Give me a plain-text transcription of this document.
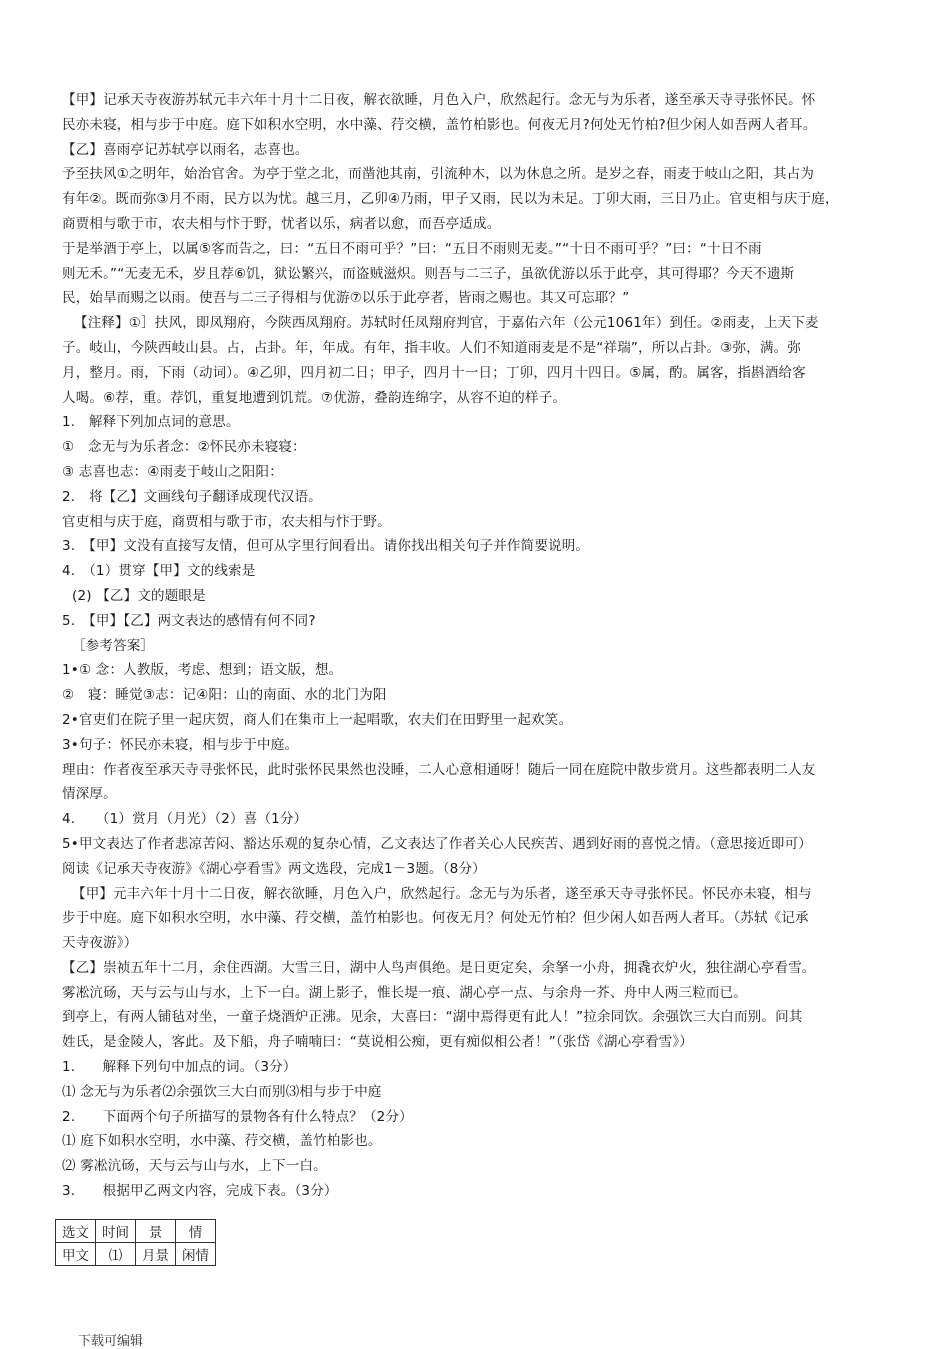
【甲】记承天寺夜游苏轼元丰六年十月十二日夜，解衣欲睡，月色入户，欣然起行。念无与为乐者，遂至承天寺寻张怀民。怀

民亦未寝，相与步于中庭。庭下如积水空明，水中藻、荇交横，盖竹柏影也。何夜无月?何处无竹柏?但少闲人如吾两人者耳。

【乙】喜雨亭记苏轼亭以雨名，志喜也。

予至扶风①之明年，始治官舍。为亭于堂之北，而凿池其南，引流种木，以为休息之所。是岁之春，雨麦于岐山之阳，其占为

有年②。既而弥③月不雨，民方以为忧。越三月，乙卯④乃雨，甲子又雨，民以为未足。丁卯大雨，三日乃止。官吏相与庆于庭，

商贾相与歌于市，农夫相与忭于野，忧者以乐，病者以愈，而吾亭适成。

于是举酒于亭上，以属⑤客而告之，曰：“五日不雨可乎？”曰：“五日不雨则无麦。”“十日不雨可乎？”曰：“十日不雨

则无禾。”“无麦无禾，岁且荐⑥饥，狱讼繁兴，而盗贼滋炽。则吾与二三子，虽欲优游以乐于此亭，其可得耶？今天不遗斯

民，始旱而赐之以雨。使吾与二三子得相与优游⑦以乐于此亭者，皆雨之赐也。其又可忘耶？”

【注释】①］扶风，即凤翔府，今陕西凤翔府。苏轼时任凤翔府判官，于嘉佑六年（公元1061年）到任。②雨麦，上天下麦

子。岐山，今陕西岐山县。占，占卦。年，年成。有年，指丰收。人们不知道雨麦是不是“祥瑞”，所以占卦。③弥，满。弥

月，整月。雨，下雨（动词）。④乙卯，四月初二日；甲子，四月十一日；丁卯，四月十四日。⑤属，酌。属客，指斟酒给客

人喝。⑥荐，重。荐饥，重复地遭到饥荒。⑦优游，叠韵连绵字，从容不迫的样子。

1.　解释下列加点词的意思。

①　念无与为乐者念：②怀民亦未寝寝：

③ 志喜也志：④雨麦于岐山之阳阳：

2.　将【乙】文画线句子翻译成现代汉语。

官吏相与庆于庭，商贾相与歌于市，农夫相与忭于野。

3.　【甲】文没有直接写友情，但可从字里行间看出。请你找出相关句子并作简要说明。

4.　（1）贯穿【甲】文的线索是

(2) 【乙】文的题眼是

5.　【甲】【乙】两文表达的感情有何不同?

［参考答案］

1•① 念：人教版，考虑、想到；语文版，想。

②　寝：睡觉③志：记④阳：山的南面、水的北门为阳

2•官吏们在院子里一起庆贺，商人们在集市上一起唱歌，农夫们在田野里一起欢笑。

3•句子：怀民亦未寝，相与步于中庭。

理由：作者夜至承天寺寻张怀民，此时张怀民果然也没睡，二人心意相通呀！随后一同在庭院中散步赏月。这些都表明二人友

情深厚。

4.　　（1）赏月（月光）（2）喜（1分）

5•甲文表达了作者悲凉苦闷、豁达乐观的复杂心情，乙文表达了作者关心人民疾苦、遇到好雨的喜悦之情。（意思接近即可）

阅读《记承天寺夜游》《湖心亭看雪》两文选段，完成1－3题。（8分）

【甲】元丰六年十月十二日夜，解衣欲睡，月色入户，欣然起行。念无与为乐者，遂至承天寺寻张怀民。怀民亦未寝，相与

步于中庭。庭下如积水空明，水中藻、荇交横，盖竹柏影也。何夜无月？何处无竹柏？但少闲人如吾两人者耳。（苏轼《记承

天寺夜游》）

【乙】崇祯五年十二月，余住西湖。大雪三日，湖中人鸟声俱绝。是日更定矣，余拏一小舟，拥毳衣炉火，独往湖心亭看雪。

雾凇沆砀，天与云与山与水，上下一白。湖上影子，惟长堤一痕、湖心亭一点、与余舟一芥、舟中人两三粒而已。

到亭上，有两人铺毡对坐，一童子烧酒炉正沸。见余，大喜曰：“湖中焉得更有此人！”拉余同饮。余强饮三大白而别。问其

姓氏，是金陵人，客此。及下船，舟子喃喃曰：“莫说相公痴，更有痴似相公者！”（张岱《湖心亭看雪》）

1.　　解释下列句中加点的词。（3分）

⑴ 念无与为乐者⑵余强饮三大白而别⑶相与步于中庭

2.　　下面两个句子所描写的景物各有什么特点？（2分）

⑴ 庭下如积水空明，水中藻、荇交横，盖竹柏影也。

⑵ 雾凇沆砀，天与云与山与水，上下一白。

3.　　根据甲乙两文内容，完成下表。（3分）

选文	时间	景	情
甲文	⑴	月景	闲情
下载可编辑
